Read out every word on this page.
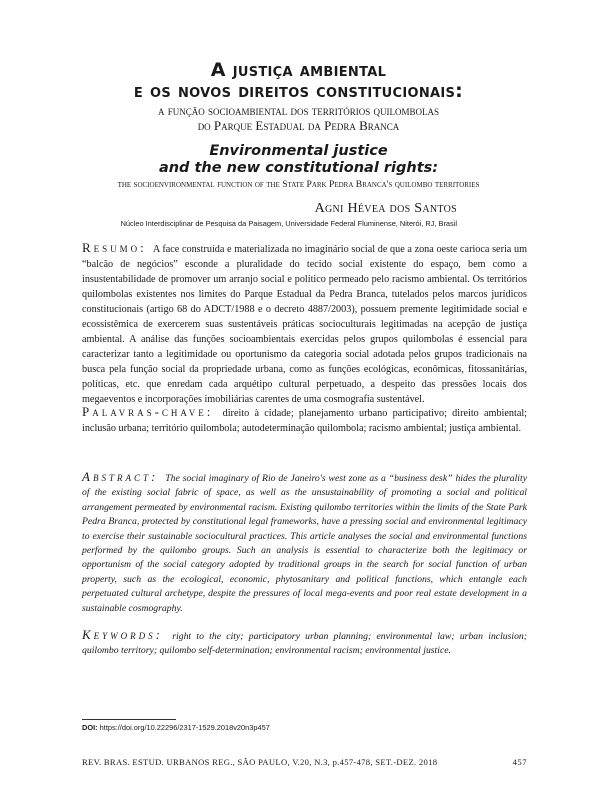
A justiça ambiental
e os novos direitos constitucionais:
a função socioambiental dos territórios quilombolas
do Parque Estadual da Pedra Branca
Environmental justice
and the new constitutional rights:
the socioenvironmental function of the State Park Pedra Branca's quilombo territories
Agni Hévea dos Santos
Núcleo Interdisciplinar de Pesquisa da Paisagem, Universidade Federal Fluminense, Niterói, RJ, Brasil
Resumo: A face construída e materializada no imaginário social de que a zona oeste carioca seria um “balcão de negócios” esconde a pluralidade do tecido social existente do espaço, bem como a insustentabilidade de promover um arranjo social e político permeado pelo racismo ambiental. Os territórios quilombolas existentes nos limites do Parque Estadual da Pedra Branca, tutelados pelos marcos jurídicos constitucionais (artigo 68 do ADCT/1988 e o decreto 4887/2003), possuem premente legitimidade social e ecossistêmica de exercerem suas sustentáveis práticas socioculturais legitimadas na acepção de justiça ambiental. A análise das funções socioambientais exercidas pelos grupos quilombolas é essencial para caracterizar tanto a legitimidade ou oportunismo da categoria social adotada pelos grupos tradicionais na busca pela função social da propriedade urbana, como as funções ecológicas, econômicas, fitossanitárias, políticas, etc. que enredam cada arquétipo cultural perpetuado, a despeito das pressões locais dos megaeventos e incorporações imobiliárias carentes de uma cosmografia sustentável.
Palavras-chave: direito à cidade; planejamento urbano participativo; direito ambiental; inclusão urbana; território quilombola; autodeterminação quilombola; racismo ambiental; justiça ambiental.
Abstract: The social imaginary of Rio de Janeiro's west zone as a “business desk” hides the plurality of the existing social fabric of space, as well as the unsustainability of promoting a social and political arrangement permeated by environmental racism. Existing quilombo territories within the limits of the State Park Pedra Branca, protected by constitutional legal frameworks, have a pressing social and environmental legitimacy to exercise their sustainable sociocultural practices. This article analyses the social and environmental functions performed by the quilombo groups. Such an analysis is essential to characterize both the legitimacy or opportunism of the social category adopted by traditional groups in the search for social function of urban property, such as the ecological, economic, phytosanitary and political functions, which entangle each perpetuated cultural archetype, despite the pressures of local mega-events and poor real estate development in a sustainable cosmography.
Keywords: right to the city; participatory urban planning; environmental law; urban inclusion; quilombo territory; quilombo self-determination; environmental racism; environmental justice.
DOI: https://doi.org/10.22296/2317-1529.2018v20n3p457
REV. BRAS. ESTUD. URBANOS REG., SÃO PAULO, V.20, N.3, p.457-478, SET.-DEZ. 2018	457
